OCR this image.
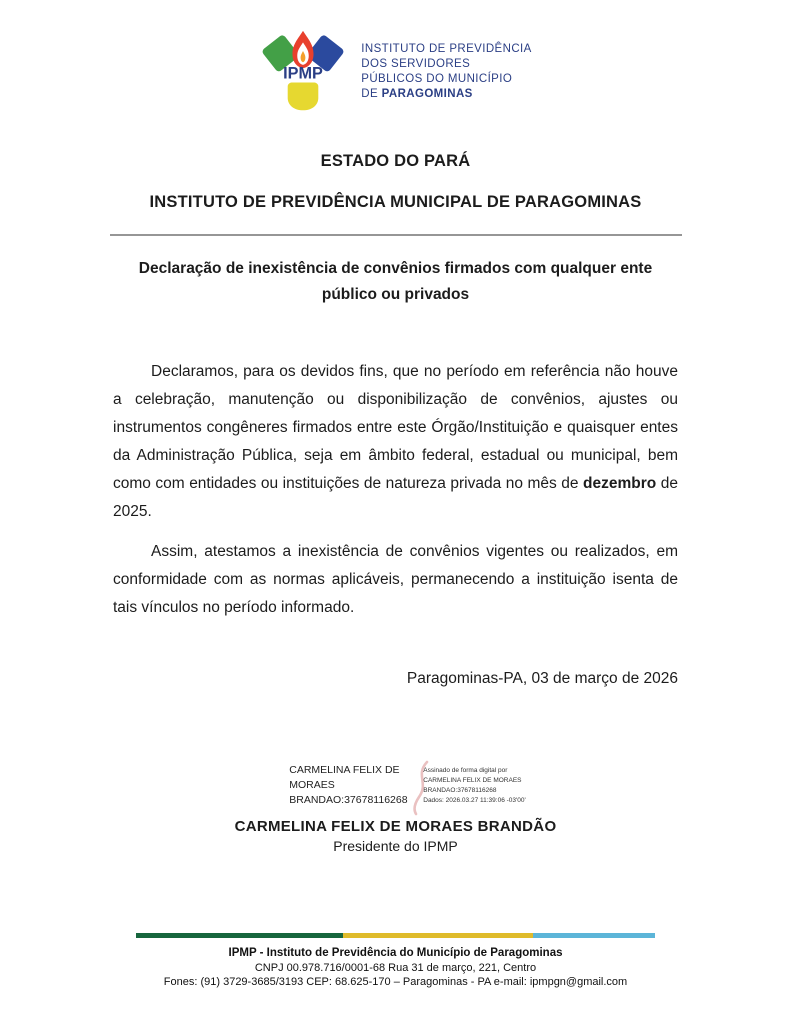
IPMP
INSTITUTO DE PREVIDÊNCIA
DOS SERVIDORES
PÚBLICOS DO MUNICÍPIO
DE PARAGOMINAS
ESTADO DO PARÁ
INSTITUTO DE PREVIDÊNCIA MUNICIPAL DE PARAGOMINAS
Declaração de inexistência de convênios firmados com qualquer ente público ou privados

Declaramos, para os devidos fins, que no período em referência não houve a celebração, manutenção ou disponibilização de convênios, ajustes ou instrumentos congêneres firmados entre este Órgão/Instituição e quaisquer entes da Administração Pública, seja em âmbito federal, estadual ou municipal, bem como com entidades ou instituições de natureza privada no mês de dezembro de 2025.

Assim, atestamos a inexistência de convênios vigentes ou realizados, em conformidade com as normas aplicáveis, permanecendo a instituição isenta de tais vínculos no período informado.

Paragominas-PA, 03 de março de 2026
CARMELINA FELIX DE MORAES BRANDAO:37678116268
Assinado de forma digital por
CARMELINA FELIX DE MORAES
BRANDAO:37678116268
Dados: 2026.03.27 11:39:06 -03'00'
CARMELINA FELIX DE MORAES BRANDÃO
Presidente do IPMP
IPMP - Instituto de Previdência do Município de Paragominas
CNPJ 00.978.716/0001-68 Rua 31 de março, 221, Centro
Fones: (91) 3729-3685/3193 CEP: 68.625-170 – Paragominas - PA e-mail: ipmpgn@gmail.com
